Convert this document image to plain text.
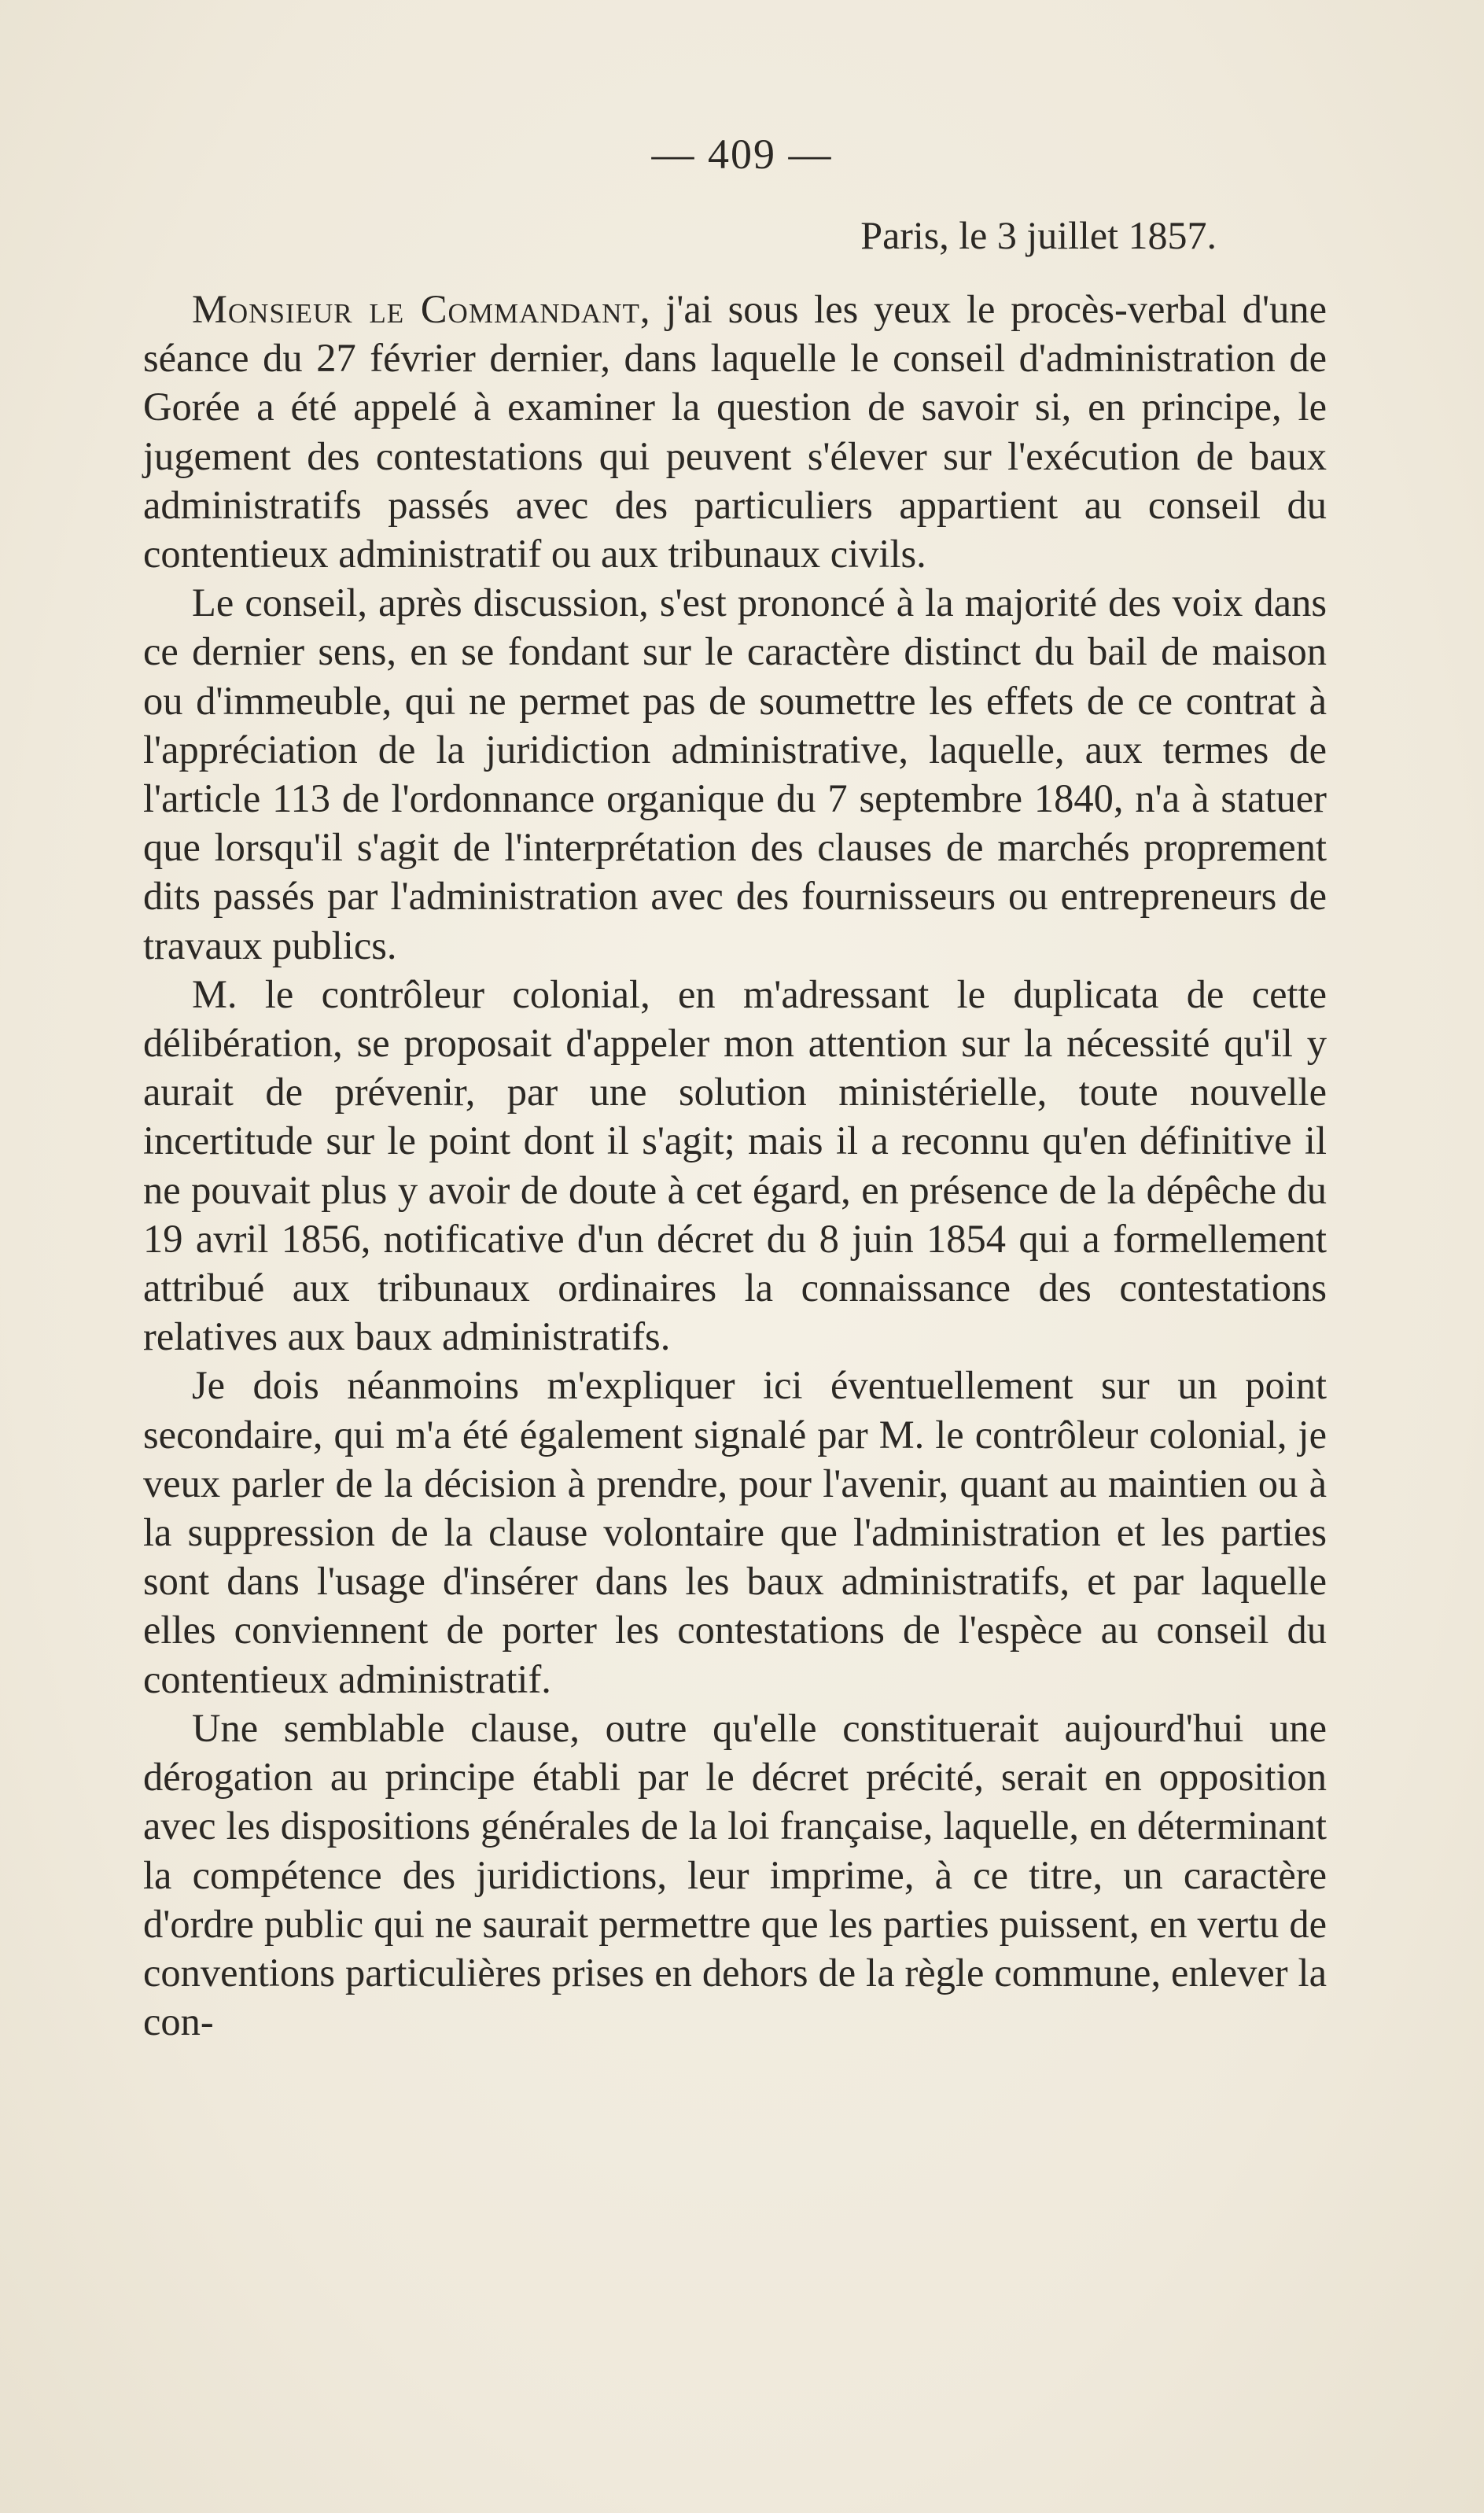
— 409 —
Paris, le 3 juillet 1857.

Monsieur le Commandant, j'ai sous les yeux le procès-verbal d'une séance du 27 février dernier, dans laquelle le conseil d'administration de Gorée a été appelé à examiner la question de savoir si, en principe, le jugement des contestations qui peuvent s'élever sur l'exécution de baux administratifs passés avec des particuliers appartient au conseil du contentieux administratif ou aux tribunaux civils.

Le conseil, après discussion, s'est prononcé à la majorité des voix dans ce dernier sens, en se fondant sur le caractère distinct du bail de maison ou d'immeuble, qui ne permet pas de soumettre les effets de ce contrat à l'appréciation de la juridiction administrative, laquelle, aux termes de l'article 113 de l'ordonnance organique du 7 septembre 1840, n'a à statuer que lorsqu'il s'agit de l'interprétation des clauses de marchés proprement dits passés par l'administration avec des fournisseurs ou entrepreneurs de travaux publics.

M. le contrôleur colonial, en m'adressant le duplicata de cette délibération, se proposait d'appeler mon attention sur la nécessité qu'il y aurait de prévenir, par une solution ministérielle, toute nouvelle incertitude sur le point dont il s'agit; mais il a reconnu qu'en définitive il ne pouvait plus y avoir de doute à cet égard, en présence de la dépêche du 19 avril 1856, notificative d'un décret du 8 juin 1854 qui a formellement attribué aux tribunaux ordinaires la connaissance des contestations relatives aux baux administratifs.

Je dois néanmoins m'expliquer ici éventuellement sur un point secondaire, qui m'a été également signalé par M. le contrôleur colonial, je veux parler de la décision à prendre, pour l'avenir, quant au maintien ou à la suppression de la clause volontaire que l'administration et les parties sont dans l'usage d'insérer dans les baux administratifs, et par laquelle elles conviennent de porter les contestations de l'espèce au conseil du contentieux administratif.

Une semblable clause, outre qu'elle constituerait aujourd'hui une dérogation au principe établi par le décret précité, serait en opposition avec les dispositions générales de la loi française, laquelle, en déterminant la compétence des juridictions, leur imprime, à ce titre, un caractère d'ordre public qui ne saurait permettre que les parties puissent, en vertu de conventions particulières prises en dehors de la règle commune, enlever la con-
